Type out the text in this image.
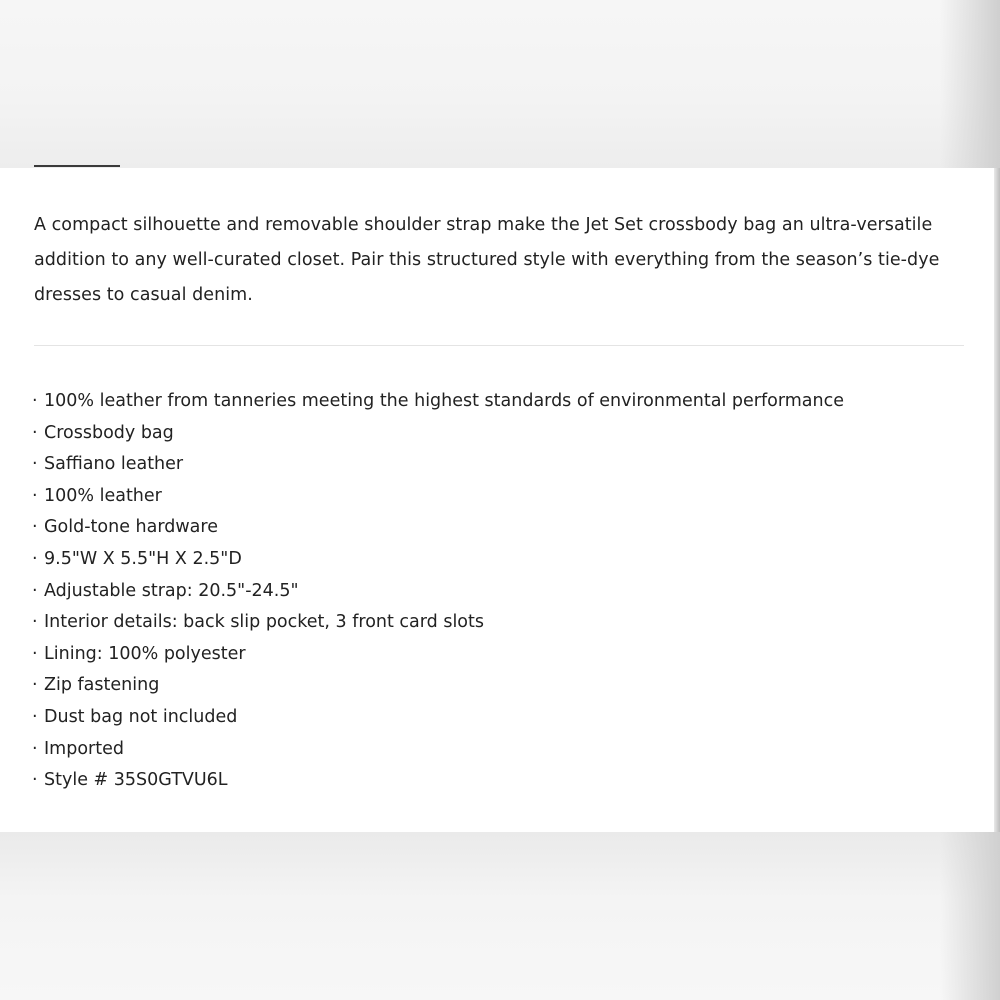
A compact silhouette and removable shoulder strap make the Jet Set crossbody bag an ultra-versatile addition to any well-curated closet. Pair this structured style with everything from the season’s tie-dye dresses to casual denim.

· 100% leather from tanneries meeting the highest standards of environmental performance
· Crossbody bag
· Saffiano leather
· 100% leather
· Gold-tone hardware
· 9.5"W X 5.5"H X 2.5"D
· Adjustable strap: 20.5"-24.5"
· Interior details: back slip pocket, 3 front card slots
· Lining: 100% polyester
· Zip fastening
· Dust bag not included
· Imported
· Style # 35S0GTVU6L
